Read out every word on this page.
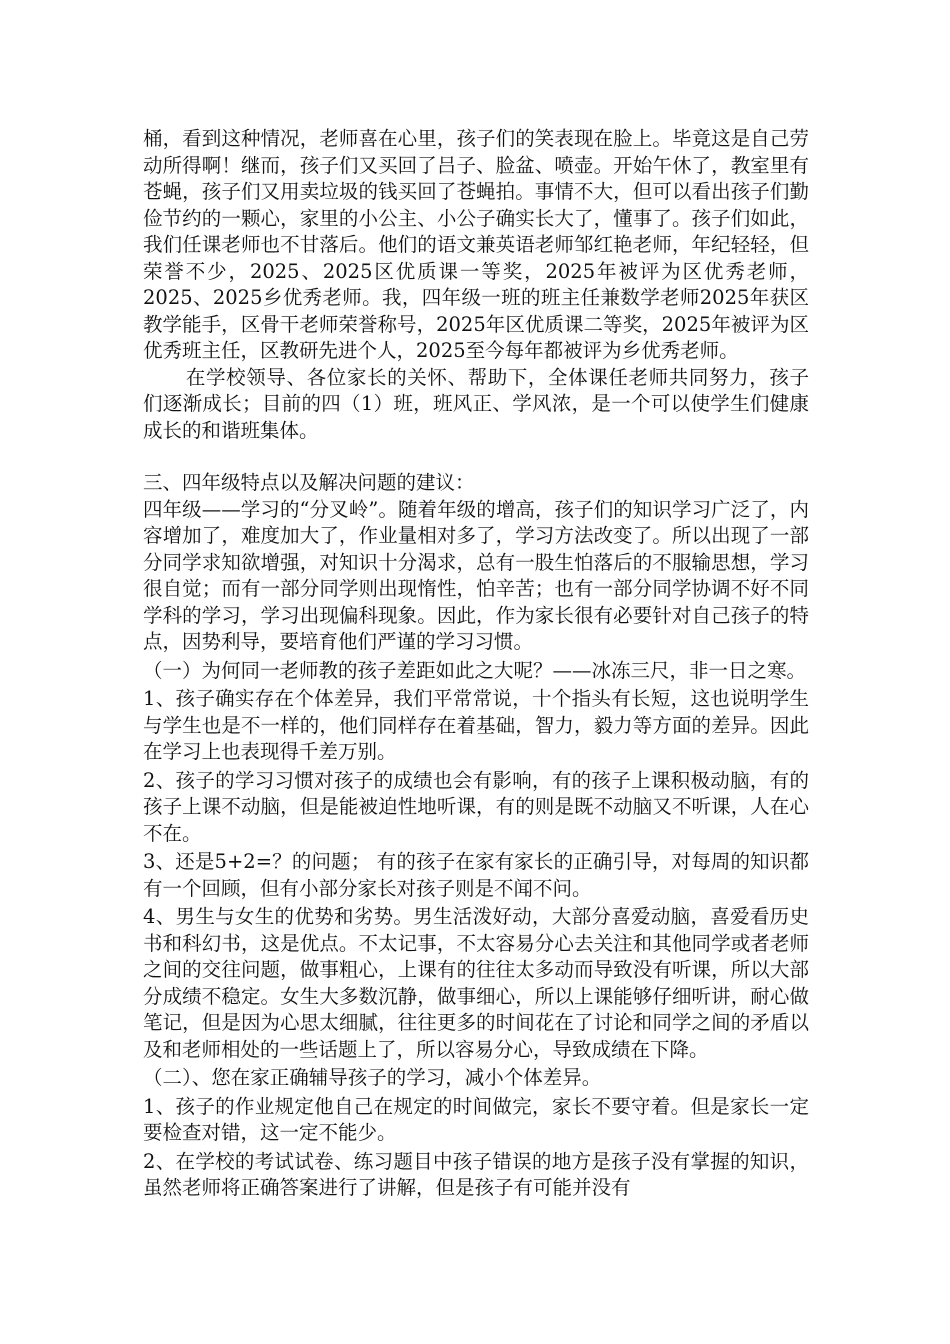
桶，看到这种情况，老师喜在心里，孩子们的笑表现在脸上。毕竟这是自己劳动所得啊！继而，孩子们又买回了吕子、脸盆、喷壶。开始午休了，教室里有苍蝇，孩子们又用卖垃圾的钱买回了苍蝇拍。事情不大，但可以看出孩子们勤俭节约的一颗心，家里的小公主、小公子确实长大了，懂事了。孩子们如此，我们任课老师也不甘落后。他们的语文兼英语老师邹红艳老师，年纪轻轻，但荣誉不少，2025、2025区优质课一等奖，2025年被评为区优秀老师，2025、2025乡优秀老师。我，四年级一班的班主任兼数学老师2025年获区教学能手，区骨干老师荣誉称号，2025年区优质课二等奖，2025年被评为区优秀班主任，区教研先进个人，2025至今每年都被评为乡优秀老师。

在学校领导、各位家长的关怀、帮助下，全体课任老师共同努力，孩子们逐渐成长；目前的四（1）班，班风正、学风浓，是一个可以使学生们健康成长的和谐班集体。

三、四年级特点以及解决问题的建议：

四年级——学习的“分叉岭”。随着年级的增高，孩子们的知识学习广泛了，内容增加了，难度加大了，作业量相对多了，学习方法改变了。所以出现了一部分同学求知欲增强，对知识十分渴求，总有一股生怕落后的不服输思想，学习很自觉；而有一部分同学则出现惰性，怕辛苦；也有一部分同学协调不好不同学科的学习，学习出现偏科现象。因此，作为家长很有必要针对自己孩子的特点，因势利导，要培育他们严谨的学习习惯。

（一）为何同一老师教的孩子差距如此之大呢？——冰冻三尺，非一日之寒。

1、孩子确实存在个体差异，我们平常常说，十个指头有长短，这也说明学生与学生也是不一样的，他们同样存在着基础，智力，毅力等方面的差异。因此在学习上也表现得千差万别。

2、孩子的学习习惯对孩子的成绩也会有影响，有的孩子上课积极动脑，有的孩子上课不动脑，但是能被迫性地听课，有的则是既不动脑又不听课，人在心不在。

3、还是5+2=？的问题； 有的孩子在家有家长的正确引导，对每周的知识都有一个回顾，但有小部分家长对孩子则是不闻不问。

4、男生与女生的优势和劣势。男生活泼好动，大部分喜爱动脑，喜爱看历史书和科幻书，这是优点。不太记事，不太容易分心去关注和其他同学或者老师之间的交往问题，做事粗心，上课有的往往太多动而导致没有听课，所以大部分成绩不稳定。女生大多数沉静，做事细心，所以上课能够仔细听讲，耐心做笔记，但是因为心思太细腻，往往更多的时间花在了讨论和同学之间的矛盾以及和老师相处的一些话题上了，所以容易分心，导致成绩在下降。

（二）、您在家正确辅导孩子的学习，减小个体差异。

1、孩子的作业规定他自己在规定的时间做完，家长不要守着。但是家长一定要检查对错，这一定不能少。

2、在学校的考试试卷、练习题目中孩子错误的地方是孩子没有掌握的知识，虽然老师将正确答案进行了讲解，但是孩子有可能并没有
